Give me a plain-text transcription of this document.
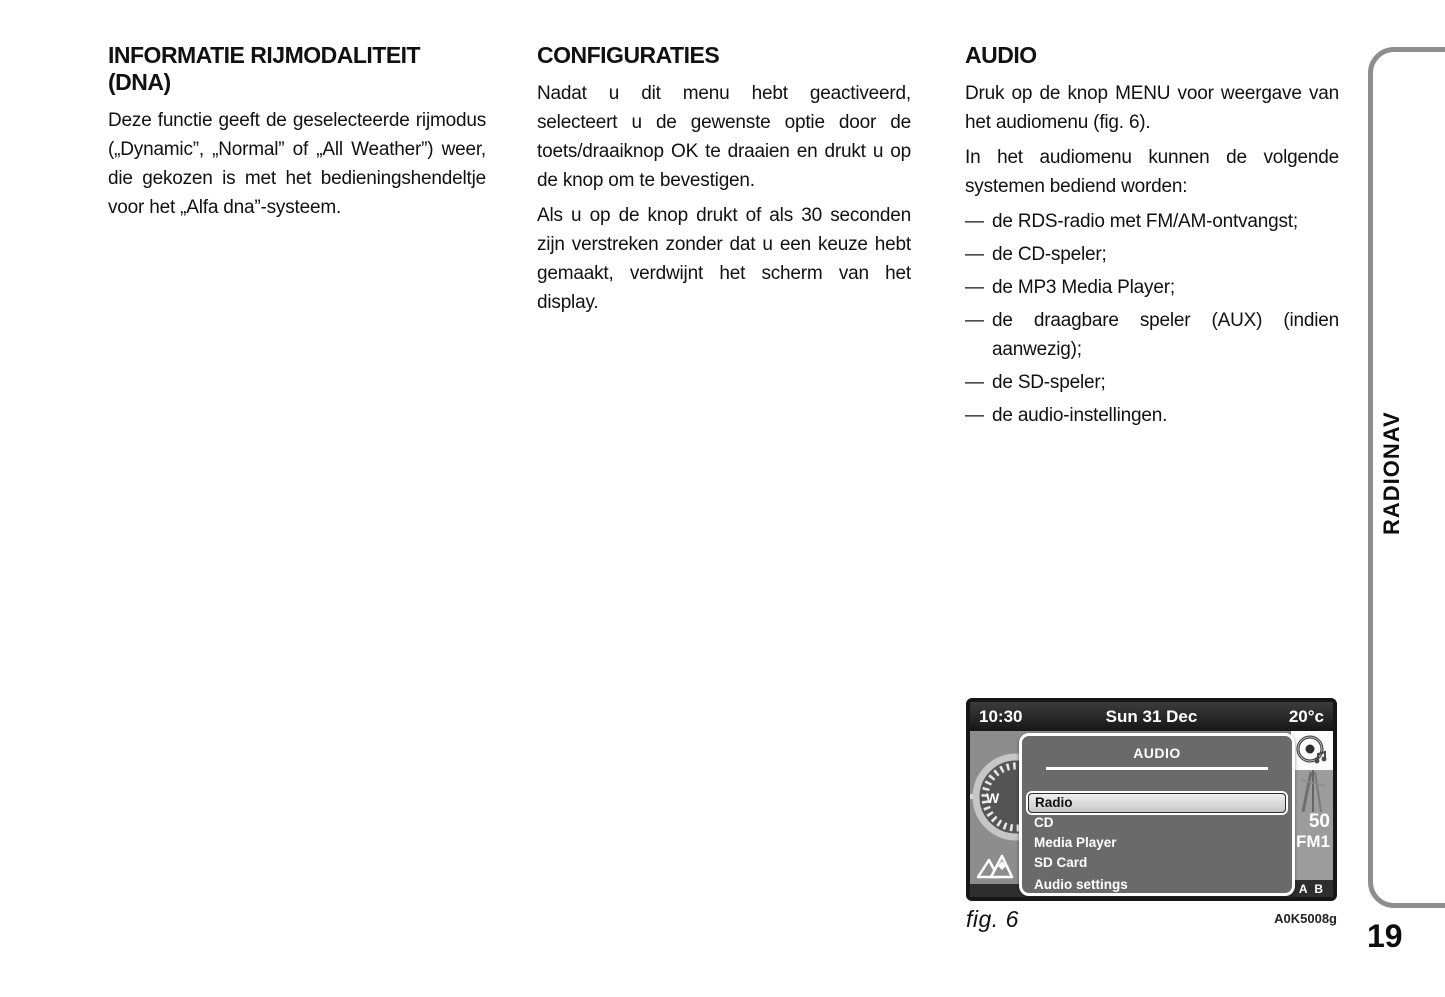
INFORMATIE RIJMODALITEIT (DNA)

Deze functie geeft de geselecteerde rijmodus („Dynamic”, „Normal” of „All Weather”) weer, die gekozen is met het bedieningshendeltje voor het „Alfa dna”-systeem.

CONFIGURATIES

Nadat u dit menu hebt geactiveerd, selecteert u de gewenste optie door de toets/draaiknop OK te draaien en drukt u op de knop om te bevestigen.

Als u op de knop drukt of als 30 seconden zijn verstreken zonder dat u een keuze hebt gemaakt, verdwijnt het scherm van het display.

AUDIO

Druk op de knop MENU voor weergave van het audiomenu (fig. 6).

In het audiomenu kunnen de volgende systemen bediend worden:

— de RDS-radio met FM/AM-ontvangst;
— de CD-speler;
— de MP3 Media Player;
— de draagbare speler (AUX) (indien aanwezig);
— de SD-speler;
— de audio-instellingen.
10:30	Sun 31 Dec	20°c
W
50
FM1
A B
AUDIO
Radio
CD
Media Player
SD Card
Audio settings
fig. 6	A0K5008g
RADIONAV
19
